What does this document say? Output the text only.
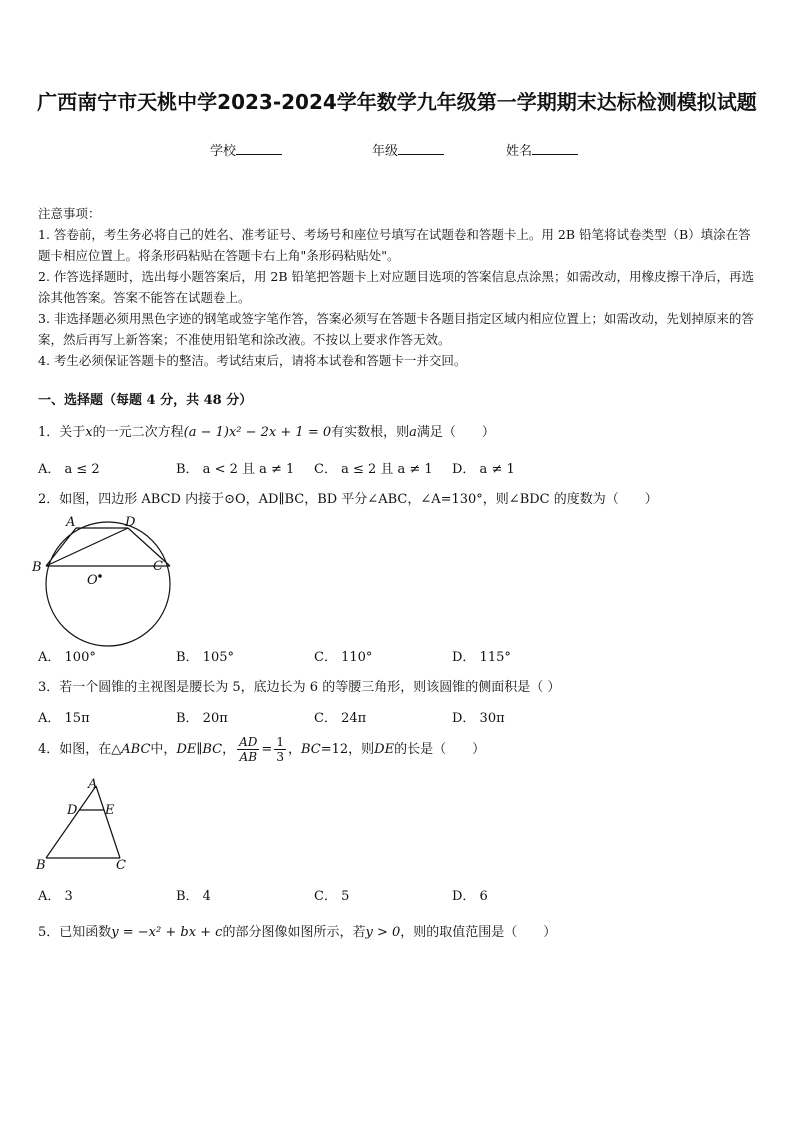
广西南宁市天桃中学2023-2024学年数学九年级第一学期期末达标检测模拟试题
学校	年级	姓名

注意事项：

1. 答卷前，考生务必将自己的姓名、准考证号、考场号和座位号填写在试题卷和答题卡上。用 2B 铅笔将试卷类型（B）填涂在答题卡相应位置上。将条形码粘贴在答题卡右上角"条形码粘贴处"。

2. 作答选择题时，选出每小题答案后，用 2B 铅笔把答题卡上对应题目选项的答案信息点涂黑；如需改动，用橡皮擦干净后，再选涂其他答案。答案不能答在试题卷上。

3. 非选择题必须用黑色字迹的钢笔或签字笔作答，答案必须写在答题卡各题目指定区域内相应位置上；如需改动，先划掉原来的答案，然后再写上新答案；不准使用铅笔和涂改液。不按以上要求作答无效。

4. 考生必须保证答题卡的整洁。考试结束后，请将本试卷和答题卡一并交回。

一、选择题（每题 4 分，共 48 分）
1．关于x的一元二次方程(a − 1)x² − 2x + 1 = 0有实数根，则a满足（　　）
A． a ≤ 2	B． a < 2 且 a ≠ 1 C． a ≤ 2 且 a ≠ 1 D． a ≠ 1
2．如图，四边形 ABCD 内接于⊙O，AD∥BC，BD 平分∠ABC，∠A=130°，则∠BDC 的度数为（　　）
A	D
B	C
O
A． 100°	B． 105°	C． 110°	D． 115°
3．若一个圆锥的主视图是腰长为 5，底边长为 6 的等腰三角形，则该圆锥的侧面积是（ ）
A． 15π	B． 20π	C． 24π	D． 30π
4．如图，在△ABC中，DE∥BC， $\frac{AD}{AB} = \frac{1}{3}$ ，BC=12，则DE的长是（　　）
A
D E
B	C
A． 3	B． 4	C． 5	D． 6
5．已知函数y = −x² + bx + c的部分图像如图所示，若y > 0，则的取值范围是（　　）
